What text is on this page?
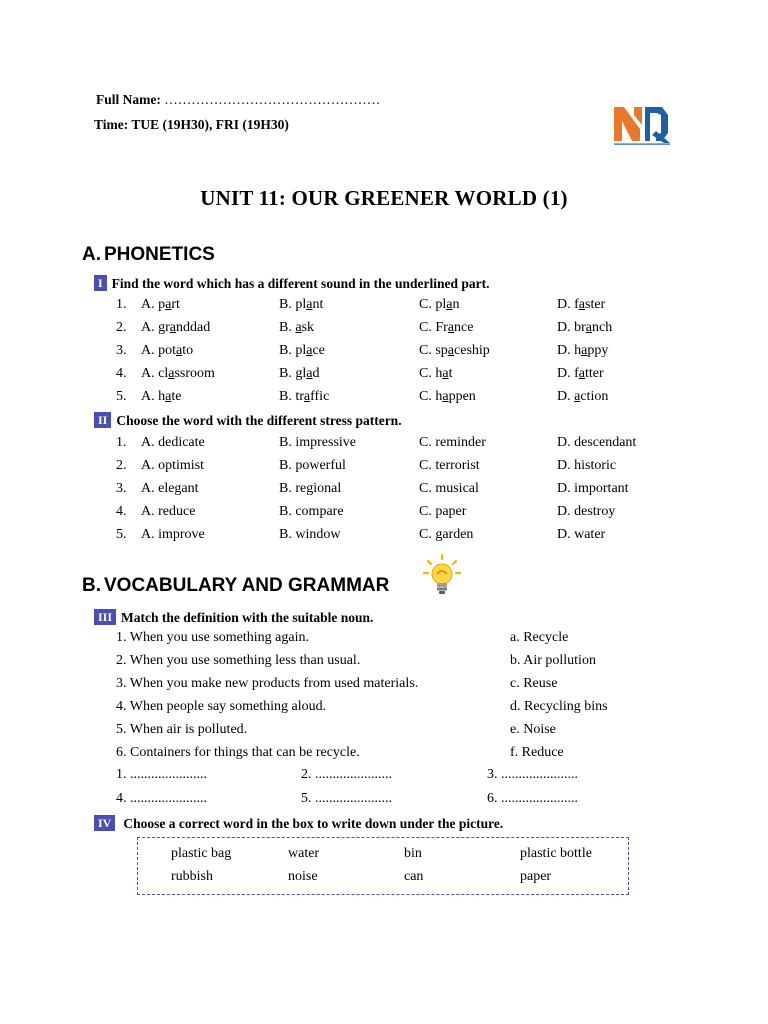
Full Name: …………………………………………
Time: TUE (19H30), FRI (19H30)
UNIT 11: OUR GREENER WORLD (1)
A. PHONETICS
I Find the word which has a different sound in the underlined part.
1. A. part	B. plant	C. plan	D. faster
2. A. granddad	B. ask	C. France	D. branch
3. A. potato	B. place	C. spaceship	D. happy
4. A. classroom	B. glad	C. hat	D. fatter
5. A. hate	B. traffic	C. happen	D. action
II Choose the word with the different stress pattern.
1. A. dedicate	B. impressive	C. reminder	D. descendant
2. A. optimist	B. powerful	C. terrorist	D. historic
3. A. elegant	B. regional	C. musical	D. important
4. A. reduce	B. compare	C. paper	D. destroy
5. A. improve	B. window	C. garden	D. water
B. VOCABULARY AND GRAMMAR
III Match the definition with the suitable noun.
1. When you use something again.	a. Recycle
2. When you use something less than usual.	b. Air pollution
3. When you make new products from used materials.	c. Reuse
4. When people say something aloud.	d. Recycling bins
5. When air is polluted.	e. Noise
6. Containers for things that can be recycle.	f. Reduce
1. ......................	2. ......................	3. ......................
4. ......................	5. ......................	6. ......................
IV Choose a correct word in the box to write down under the picture.
plastic bag	water	bin	plastic bottle
rubbish	noise	can	paper
